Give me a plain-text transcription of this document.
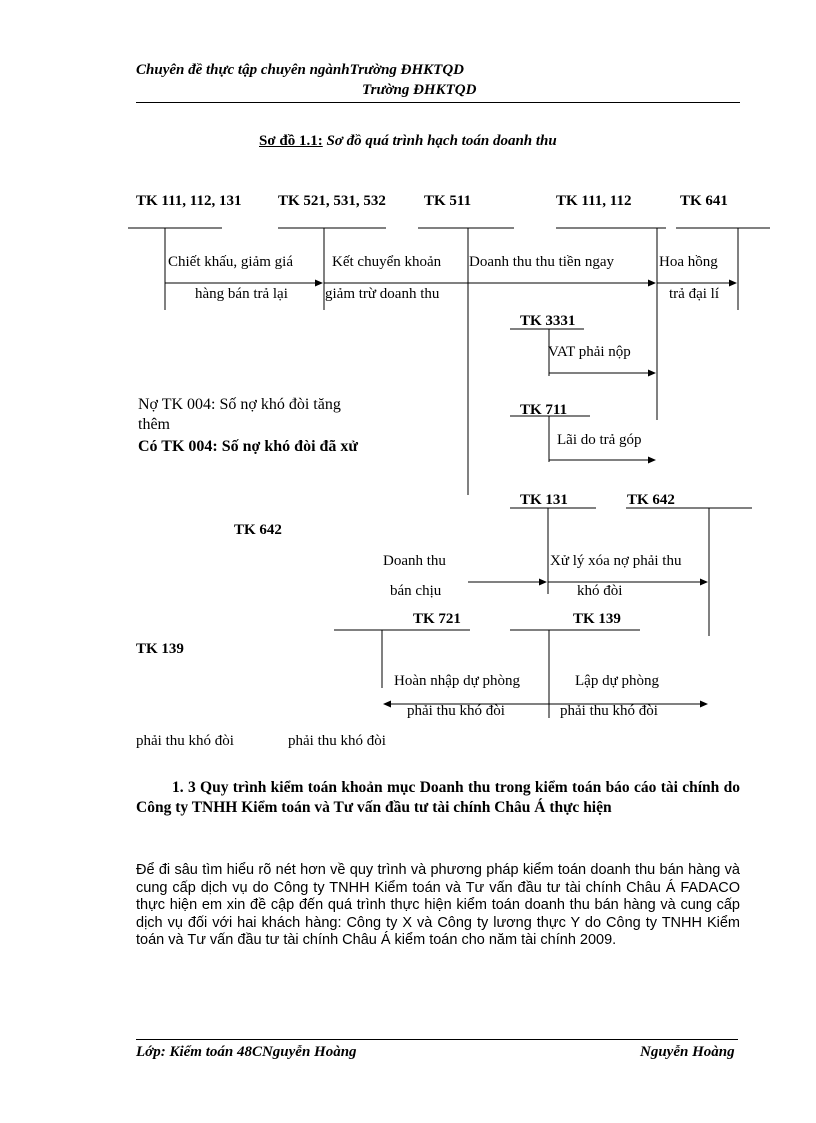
Chuyên đề thực tập chuyên ngànhTrường ĐHKTQD
Trường ĐHKTQD
Sơ đồ 1.1: Sơ đồ quá trình hạch toán doanh thu
TK 111, 112, 131 TK 521, 531, 532	TK 511	TK 111, 112	TK 641
TK 3331
TK 711
TK 131	TK 642
TK 642
TK 721	TK 139
TK 139
Chiết khấu, giảm giá
hàng bán trả lại
Kết chuyển khoản
giảm trừ doanh thu
Doanh thu thu tiền ngay	Hoa hồng
trả đại lí
VAT phải nộp
Lãi do trả góp
Doanh thu
bán chịu
Xử lý xóa nợ phải thu
khó đòi
Hoàn nhập dự phòng
phải thu khó đòi
Lập dự phòng
phải thu khó đòi
phải thu khó đòi	phải thu khó đòi
Nợ TK 004: Số nợ khó đòi tăng
thêm
Có TK 004: Số nợ khó đòi đã xử
1. 3 Quy trình kiểm toán khoản mục Doanh thu trong kiểm toán báo cáo tài chính do Công ty TNHH Kiểm toán và Tư vấn đầu tư tài chính Châu Á thực hiện
Để đi sâu tìm hiểu rõ nét hơn về quy trình và phương pháp kiểm toán doanh thu bán hàng và cung cấp dịch vụ do Công ty TNHH Kiểm toán và Tư vấn đầu tư tài chính Châu Á FADACO thực hiện em xin đề cập đến quá trình thực hiện kiểm toán doanh thu bán hàng và cung cấp dịch vụ đối với hai khách hàng: Công ty X và Công ty lương thực Y do Công ty TNHH Kiểm toán và Tư vấn đầu tư tài chính Châu Á kiểm toán cho năm tài chính 2009.
Lớp: Kiểm toán 48CNguyễn Hoàng	Nguyễn Hoàng
